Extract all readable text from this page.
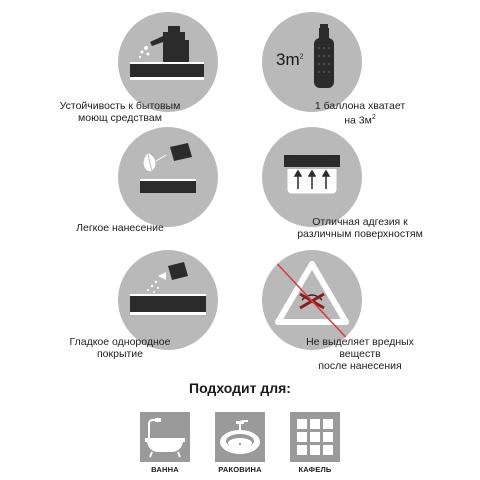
Устойчивость к бытовым
моющ средствам
$3m^2$
1 баллона хватает
на $3м^2$
Легкое нанесение	Отличная адгезия к
различным поверхностям
Гладкое однородное
покрытие
Не выделяет вредных
веществ
после нанесения
Подходит для:
ВАННА	РАКОВИНА	КАФЕЛЬ
